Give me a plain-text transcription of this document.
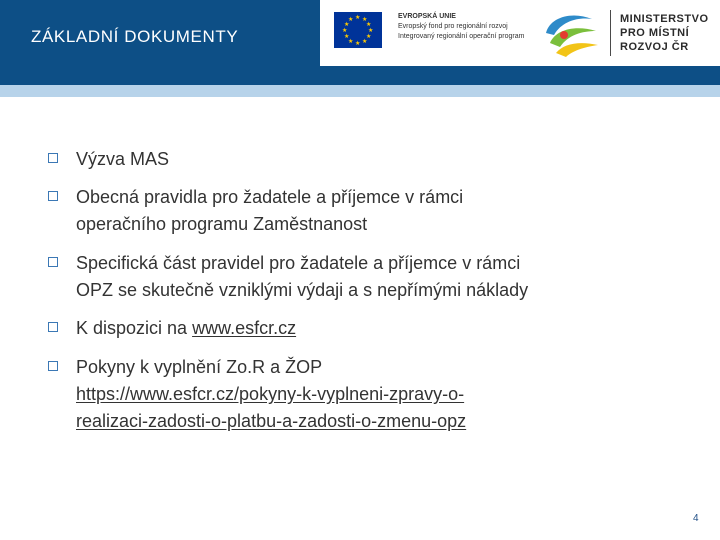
ZÁKLADNÍ DOKUMENTY
★ ★
★
★
★
★
★
★
★
★
★
★	EVROPSKÁ UNIE
Evropský fond pro regionální rozvoj
Integrovaný regionální operační program
MINISTERSTVO
PRO MÍSTNÍ
ROZVOJ ČR
Výzva MAS
Obecná pravidla pro žadatele a příjemce v rámci
operačního programu Zaměstnanost
Specifická část pravidel pro žadatele a příjemce v rámci
OPZ se skutečně vzniklými výdaji a s nepřímými náklady
K dispozici na www.esfcr.cz
Pokyny k vyplnění Zo.R a ŽOP
https://www.esfcr.cz/pokyny-k-vyplneni-zpravy-o-
realizaci-zadosti-o-platbu-a-zadosti-o-zmenu-opz
4
